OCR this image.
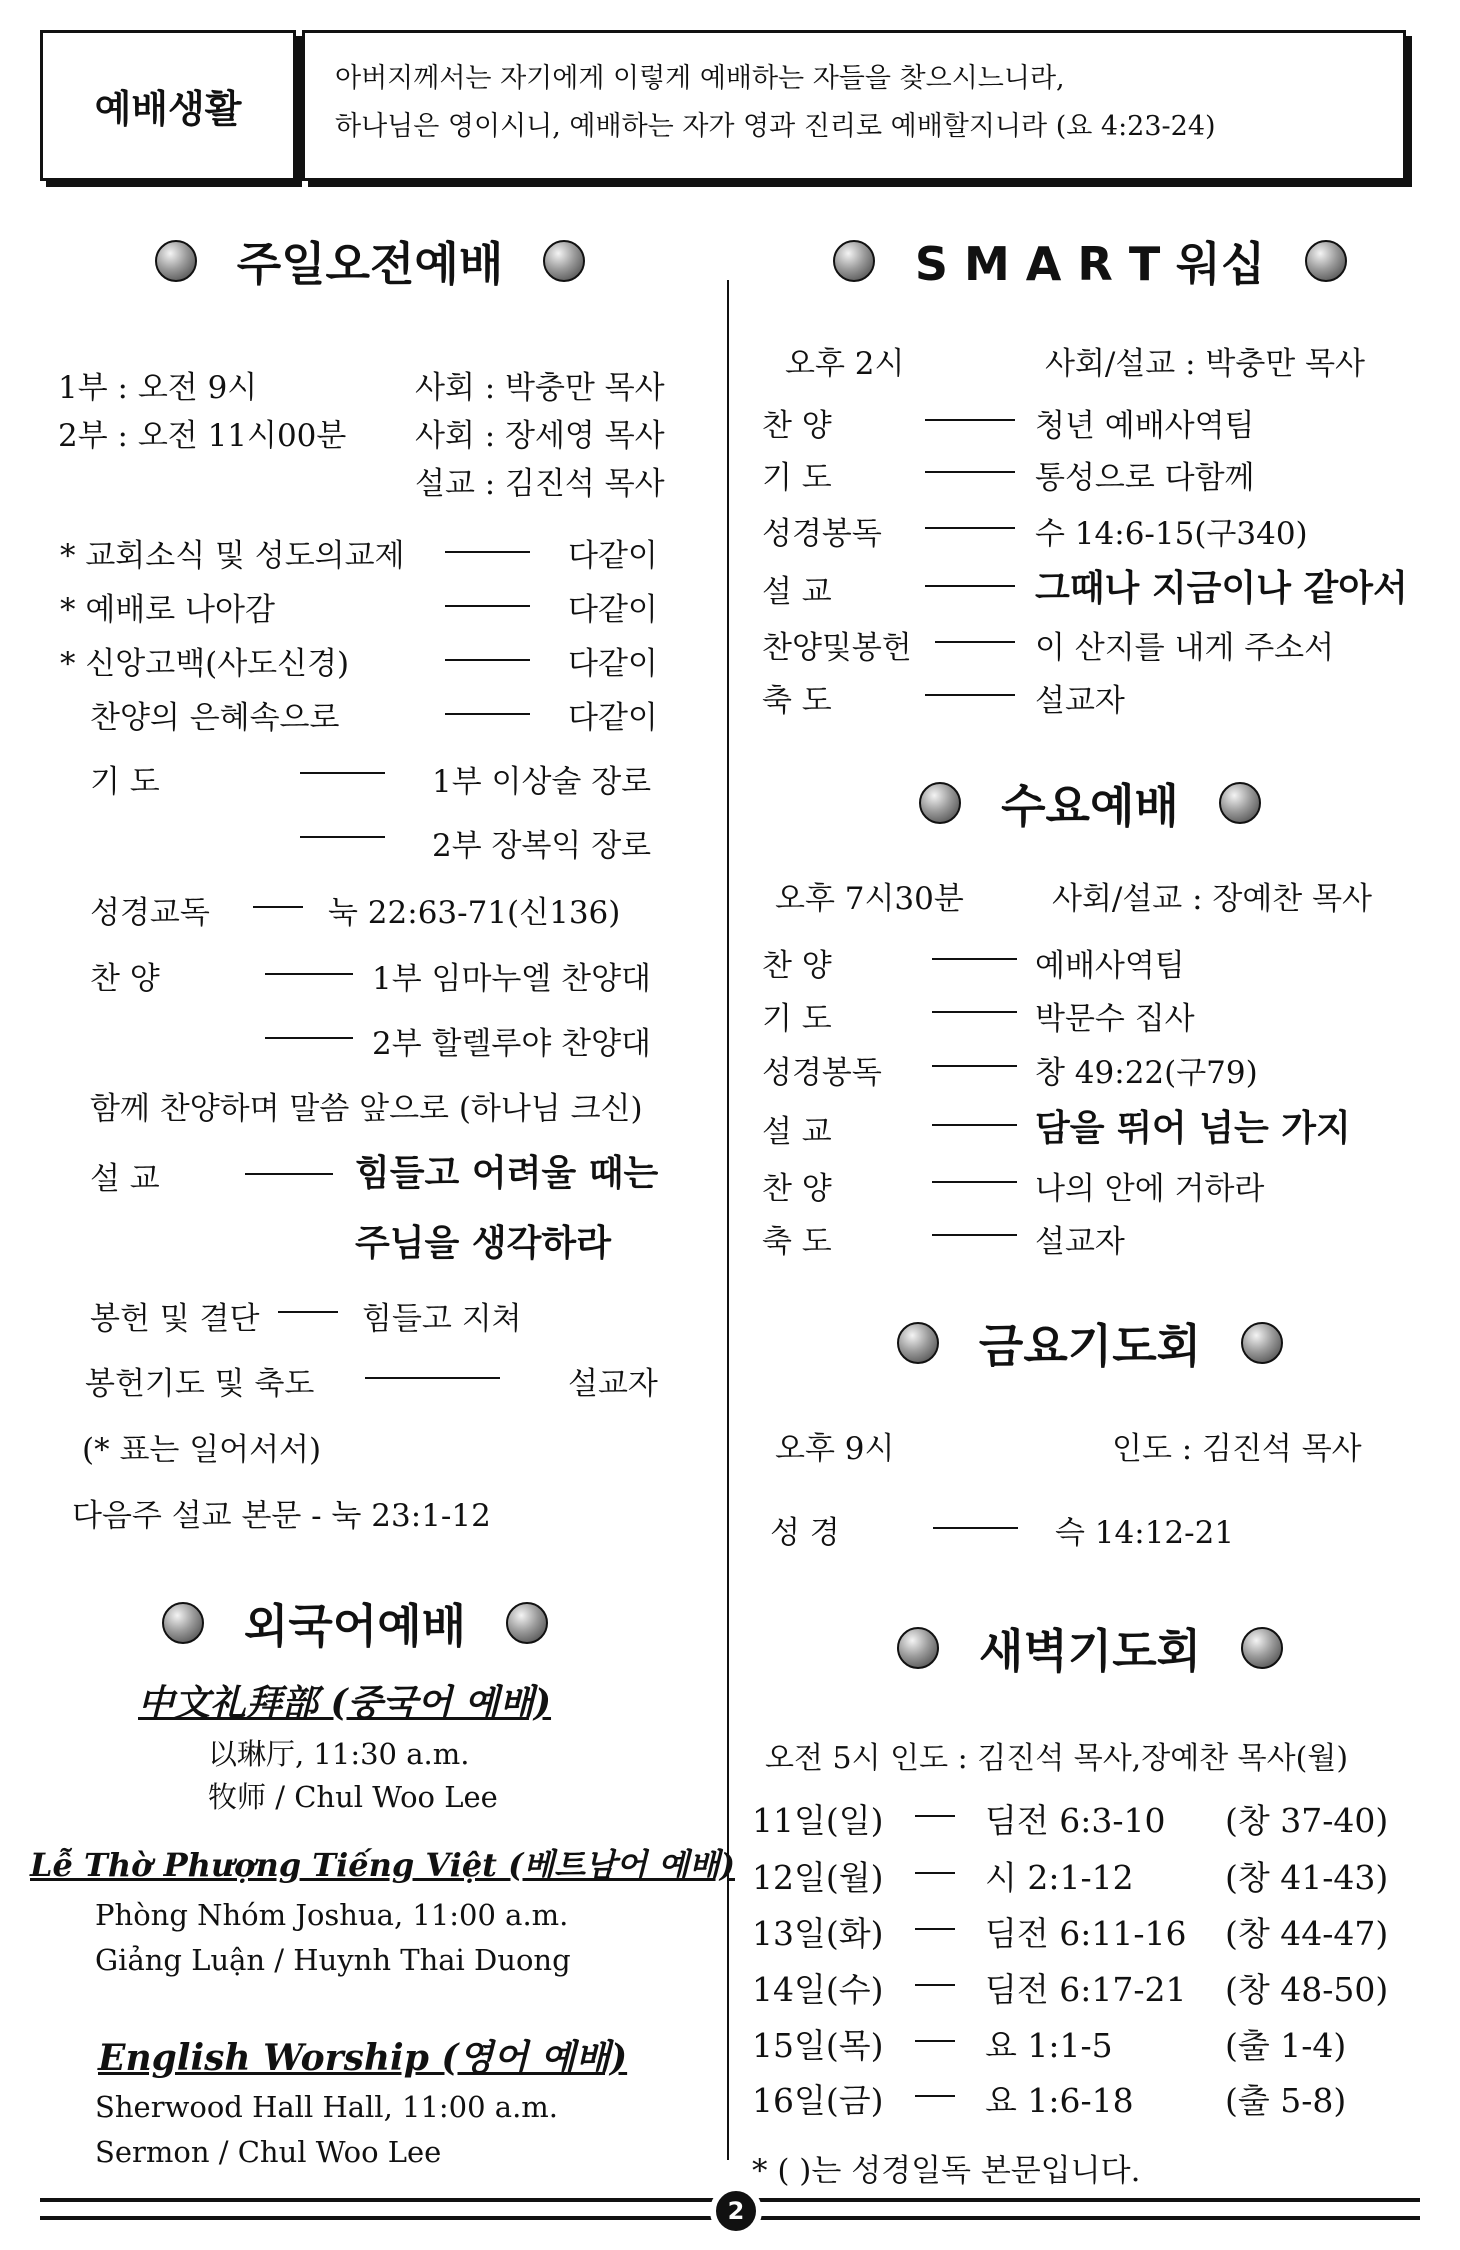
예배생활
아버지께서는 자기에게 이렇게 예배하는 자들을 찾으시느니라,
하나님은 영이시니, 예배하는 자가 영과 진리로 예배할지니라 (요 4:23-24)
주일오전예배
1부 : 오전 9시	사회 : 박충만 목사
2부 : 오전 11시00분 사회 : 장세영 목사
설교 : 김진석 목사
* 교회소식 및 성도의교제	다같이
* 예배로 나아감	다같이
* 신앙고백(사도신경)	다같이
찬양의 은혜속으로	다같이
기 도	1부 이상술 장로
2부 장복익 장로
성경교독	눅 22:63-71(신136)
찬 양	1부 임마누엘 찬양대
2부 할렐루야 찬양대
함께 찬양하며 말씀 앞으로 (하나님 크신)
설 교	힘들고 어려울 때는
주님을 생각하라
봉헌 및 결단	힘들고 지쳐
봉헌기도 및 축도	설교자
(* 표는 일어서서)
다음주 설교 본문 - 눅 23:1-12
외국어예배
中文礼拜部 (중국어 예배)
以琳厅, 11:30 a.m.
牧师 / Chul Woo Lee
Lễ Thờ Phượng Tiếng Việt (베트남어 예배)
Phòng Nhóm Joshua, 11:00 a.m.
Giảng Luận / Huynh Thai Duong
English Worship (영어 예배)
Sherwood Hall Hall, 11:00 a.m.
Sermon / Chul Woo Lee
S M A R T 워십
오후 2시	사회/설교 : 박충만 목사
찬 양	청년 예배사역팀
기 도	통성으로 다함께
성경봉독	수 14:6-15(구340)
설 교	그때나 지금이나 같아서
찬양및봉헌	이 산지를 내게 주소서
축 도	설교자
수요예배
오후 7시30분	사회/설교 : 장예찬 목사
찬 양	예배사역팀
기 도	박문수 집사
성경봉독	창 49:22(구79)
설 교	담을 뛰어 넘는 가지
찬 양	나의 안에 거하라
축 도	설교자
금요기도회
오후 9시	인도 : 김진석 목사
성 경	슥 14:12-21
새벽기도회
오전 5시 인도 : 김진석 목사,장예찬 목사(월)
11일(일)	딤전 6:3-10 (창 37-40)
12일(월)	시 2:1-12	(창 41-43)
13일(화)	딤전 6:11-16 (창 44-47)
14일(수)	딤전 6:17-21 (창 48-50)
15일(목)	요 1:1-5	(출 1-4)
16일(금)	요 1:6-18	(출 5-8)
* ( )는 성경일독 본문입니다.
2
